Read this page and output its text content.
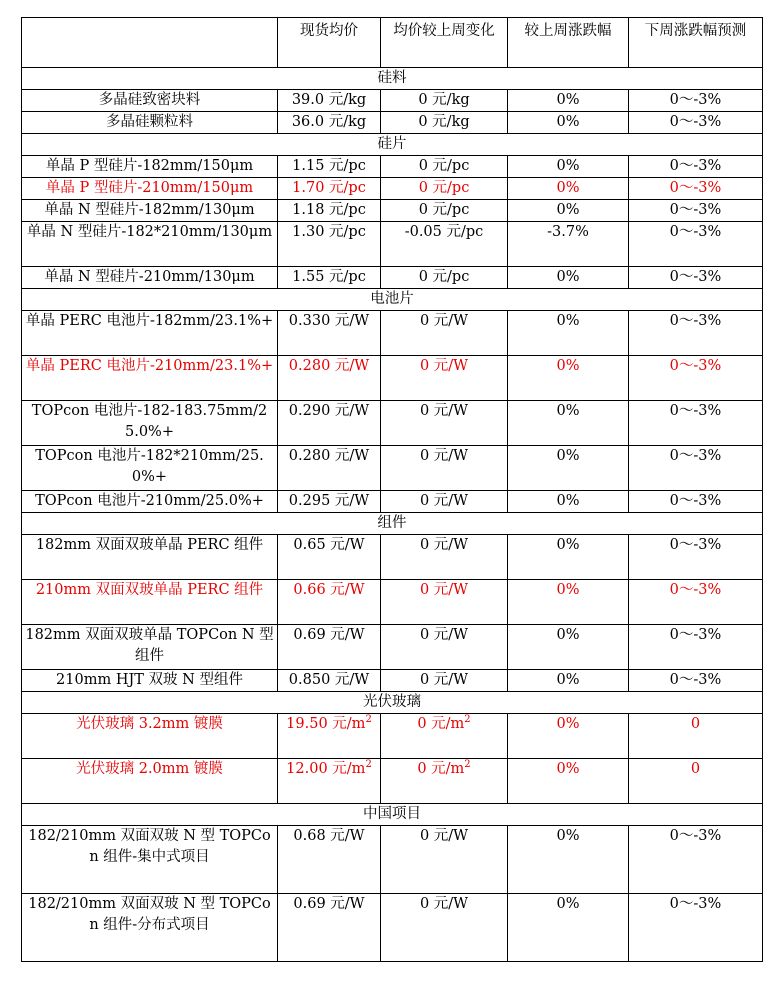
	现货均价	均价较上周变化	较上周涨跌幅	下周涨跌幅预测
硅料				
多晶硅致密块料	39.0 元/kg	0 元/kg	0%	0～-3%
多晶硅颗粒料	36.0 元/kg	0 元/kg	0%	0～-3%
硅片				
单晶 P 型硅片-182mm/150μm	1.15 元/pc	0 元/pc	0%	0～-3%
单晶 P 型硅片-210mm/150μm	1.70 元/pc	0 元/pc	0%	0～-3%
单晶 N 型硅片-182mm/130μm	1.18 元/pc	0 元/pc	0%	0～-3%
单晶 N 型硅片-182*210mm/130μm	1.30 元/pc	-0.05 元/pc	-3.7%	0～-3%
单晶 N 型硅片-210mm/130μm	1.55 元/pc	0 元/pc	0%	0～-3%
电池片				
单晶 PERC 电池片-182mm/23.1%+	0.330 元/W	0 元/W	0%	0～-3%
单晶 PERC 电池片-210mm/23.1%+	0.280 元/W	0 元/W	0%	0～-3%
TOPcon 电池片-182-183.75mm/25.0%+	0.290 元/W	0 元/W	0%	0～-3%
TOPcon 电池片-182*210mm/25.0%+	0.280 元/W	0 元/W	0%	0～-3%
TOPcon 电池片-210mm/25.0%+	0.295 元/W	0 元/W	0%	0～-3%
组件				
182mm 双面双玻单晶 PERC 组件	0.65 元/W	0 元/W	0%	0～-3%
210mm 双面双玻单晶 PERC 组件	0.66 元/W	0 元/W	0%	0～-3%
182mm 双面双玻单晶 TOPCon N 型组件	0.69 元/W	0 元/W	0%	0～-3%
210mm HJT 双玻 N 型组件	0.850 元/W	0 元/W	0%	0～-3%
光伏玻璃				
光伏玻璃 3.2mm 镀膜	19.50 元$/m^2$	0 元$/m^2$	0%	0
光伏玻璃 2.0mm 镀膜	12.00 元$/m^2$	0 元$/m^2$	0%	0
中国项目				
182/210mm 双面双玻 N 型 TOPCon 组件-集中式项目	0.68 元/W	0 元/W	0%	0～-3%
182/210mm 双面双玻 N 型 TOPCon 组件-分布式项目	0.69 元/W	0 元/W	0%	0～-3%
